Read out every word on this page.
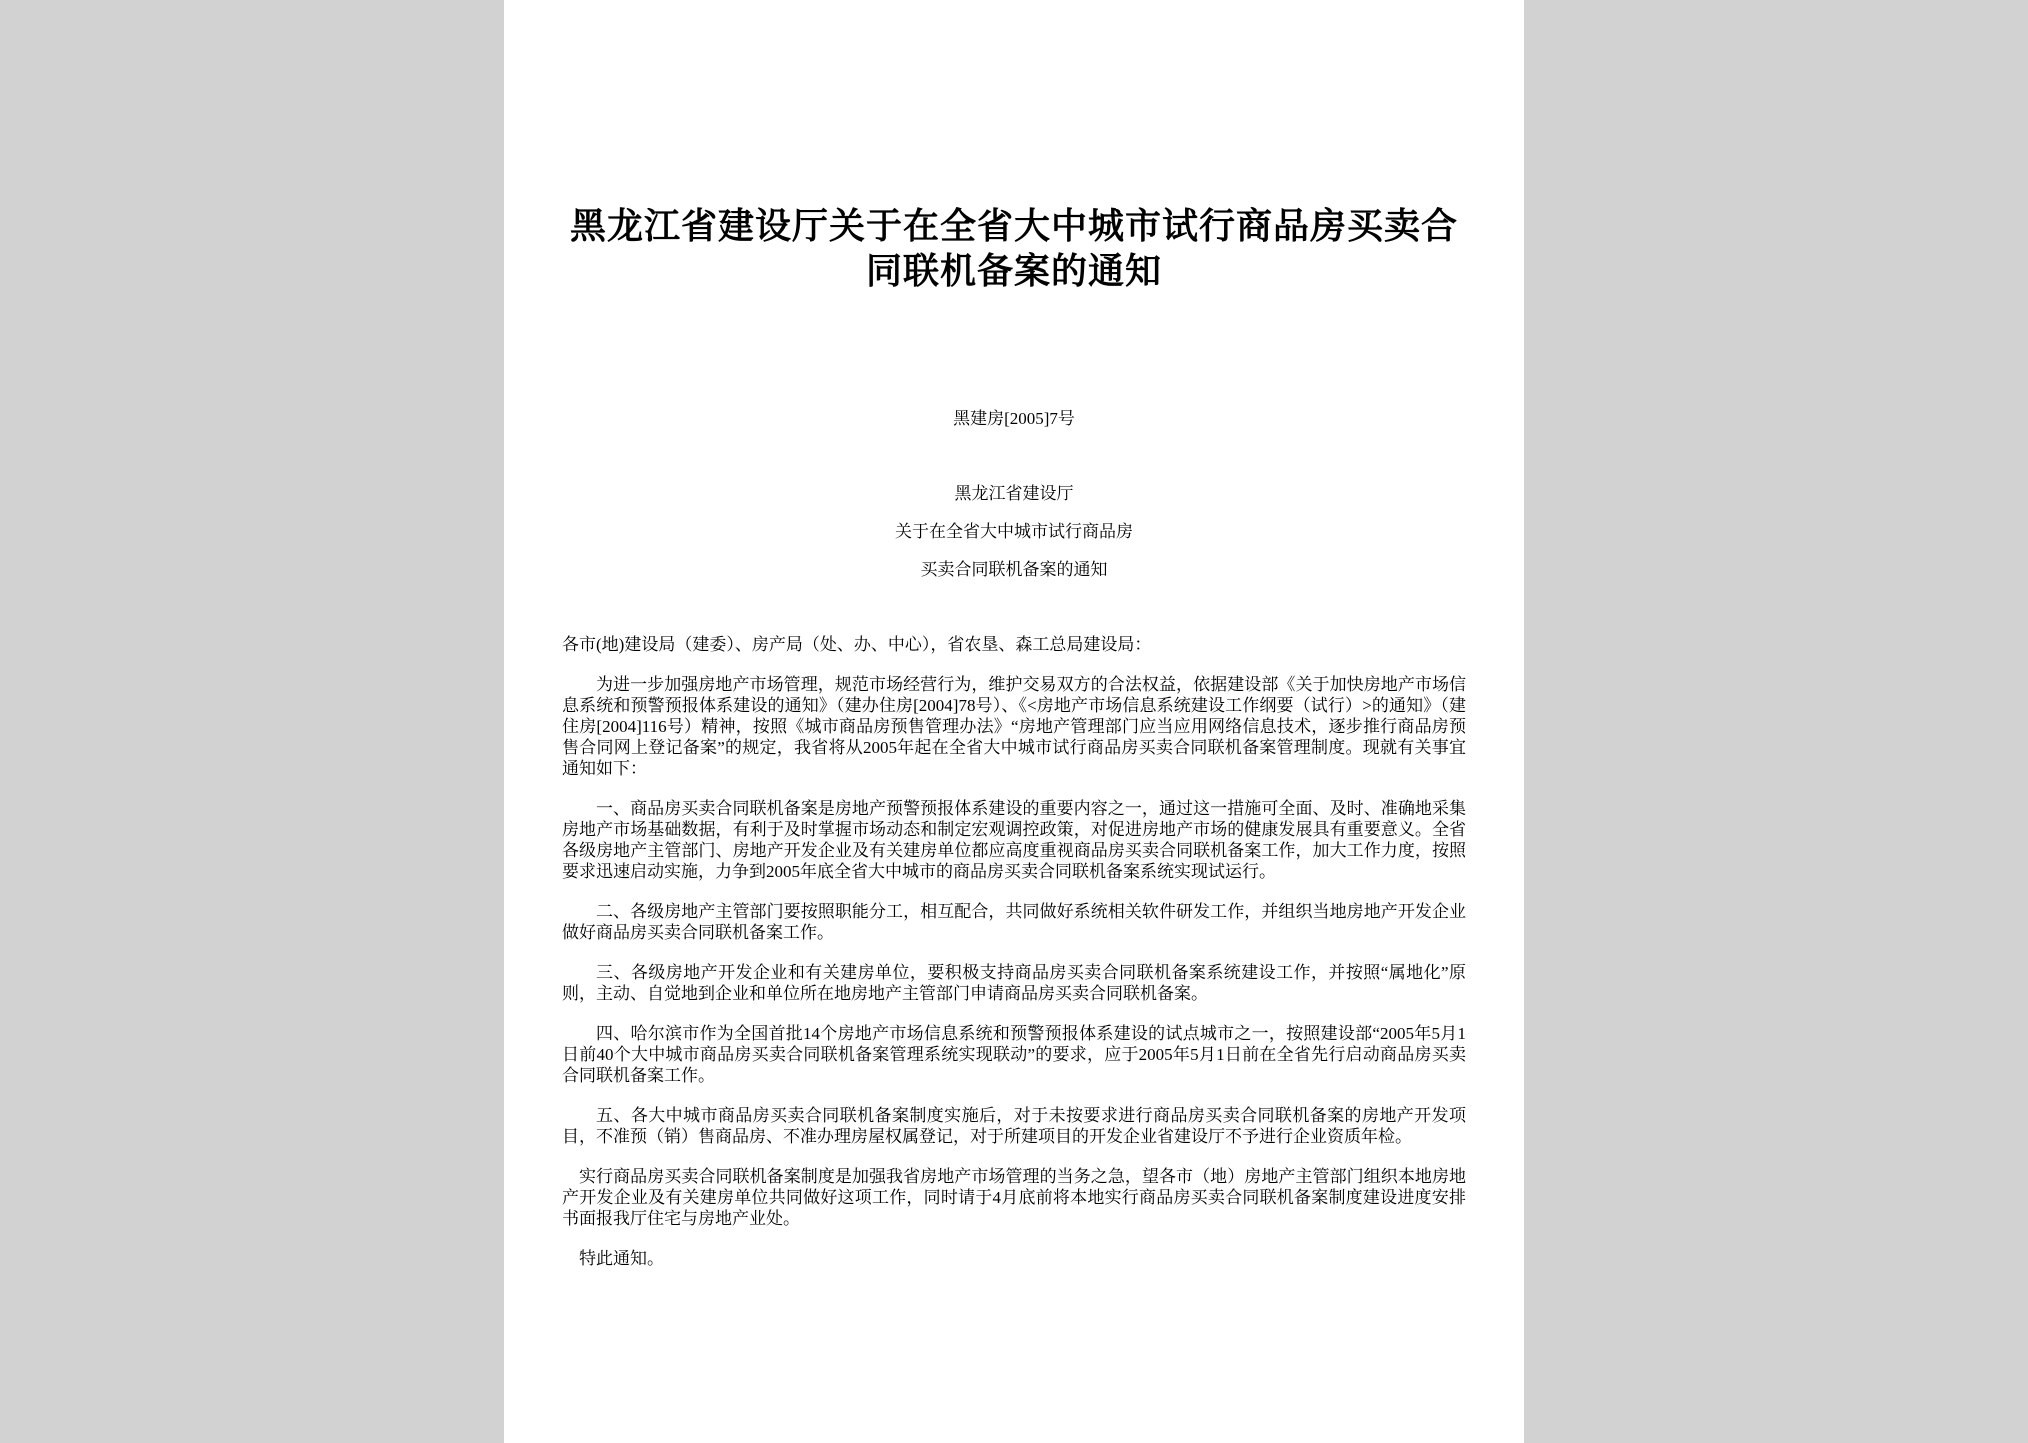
黑龙江省建设厅关于在全省大中城市试行商品房买卖合同联机备案的通知

黑建房[2005]7号

黑龙江省建设厅

关于在全省大中城市试行商品房

买卖合同联机备案的通知

各市(地)建设局（建委）、房产局（处、办、中心），省农垦、森工总局建设局：

为进一步加强房地产市场管理，规范市场经营行为，维护交易双方的合法权益，依据建设部《关于加快房地产市场信息系统和预警预报体系建设的通知》（建办住房[2004]78号）、《<房地产市场信息系统建设工作纲要（试行）>的通知》（建住房[2004]116号）精神，按照《城市商品房预售管理办法》“房地产管理部门应当应用网络信息技术，逐步推行商品房预售合同网上登记备案”的规定，我省将从2005年起在全省大中城市试行商品房买卖合同联机备案管理制度。现就有关事宜通知如下：

一、商品房买卖合同联机备案是房地产预警预报体系建设的重要内容之一，通过这一措施可全面、及时、准确地采集房地产市场基础数据，有利于及时掌握市场动态和制定宏观调控政策，对促进房地产市场的健康发展具有重要意义。全省各级房地产主管部门、房地产开发企业及有关建房单位都应高度重视商品房买卖合同联机备案工作，加大工作力度，按照要求迅速启动实施，力争到2005年底全省大中城市的商品房买卖合同联机备案系统实现试运行。

二、各级房地产主管部门要按照职能分工，相互配合，共同做好系统相关软件研发工作，并组织当地房地产开发企业做好商品房买卖合同联机备案工作。

三、各级房地产开发企业和有关建房单位，要积极支持商品房买卖合同联机备案系统建设工作，并按照“属地化”原则，主动、自觉地到企业和单位所在地房地产主管部门申请商品房买卖合同联机备案。

四、哈尔滨市作为全国首批14个房地产市场信息系统和预警预报体系建设的试点城市之一，按照建设部“2005年5月1日前40个大中城市商品房买卖合同联机备案管理系统实现联动”的要求，应于2005年5月1日前在全省先行启动商品房买卖合同联机备案工作。

五、各大中城市商品房买卖合同联机备案制度实施后，对于未按要求进行商品房买卖合同联机备案的房地产开发项目，不准预（销）售商品房、不准办理房屋权属登记，对于所建项目的开发企业省建设厅不予进行企业资质年检。

实行商品房买卖合同联机备案制度是加强我省房地产市场管理的当务之急，望各市（地）房地产主管部门组织本地房地产开发企业及有关建房单位共同做好这项工作，同时请于4月底前将本地实行商品房买卖合同联机备案制度建设进度安排书面报我厅住宅与房地产业处。

特此通知。
